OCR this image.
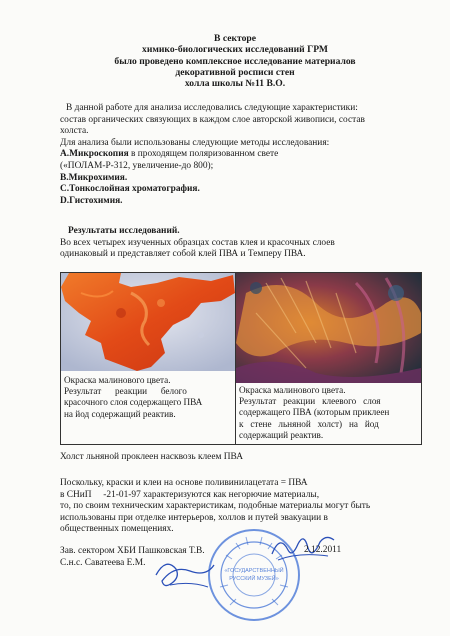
В секторе
химико-биологических исследований ГРМ
было проведено комплексное исследование материалов
декоративной росписи стен
холла школы №11 В.О.
В данной работе для анализа исследовались следующие характеристики:
состав органических связующих в каждом слое авторской живописи, состав
холста.
Для анализа были использованы следующие методы исследования:
А.Микроскопия в проходящем поляризованном свете
(«ПОЛАМ-Р-312, увеличение-до 800);
В.Микрохимия.
С.Тонкослойная хроматография.
D.Гистохимия.
Результаты исследований.
Во всех четырех изученных образцах состав клея и красочных слоев
одинаковый и представляет собой клей ПВА и Темперу ПВА.
Окраска малинового цвета.
Результат      реакции      белого
красочного слоя содержащего ПВА
на йод содержащий реактив.
Окраска малинового цвета.
Результат   реакции   клеевого   слоя
содержащего ПВА (которым приклеен
к   стене   льняной   холст)   на   йод
содержащий реактив.
Холст льняной проклеен насквозь клеем ПВА
Поскольку, краски и клеи на основе поливинилацетата = ПВА
в СНиП     -21-01-97 характеризуются как негорючие материалы,
то, по своим техническим характеристикам, подобные материалы могут быть
использованы при отделке интерьеров, холлов и путей эвакуации в
общественных помещениях.
Зав. сектором ХБИ Пашковская Т.В.
С.н.с. Саватеева Е.М.
«ГОСУДАРСТВЕННЫЙ
РУССКИЙ МУЗЕЙ»
2.12.2011
